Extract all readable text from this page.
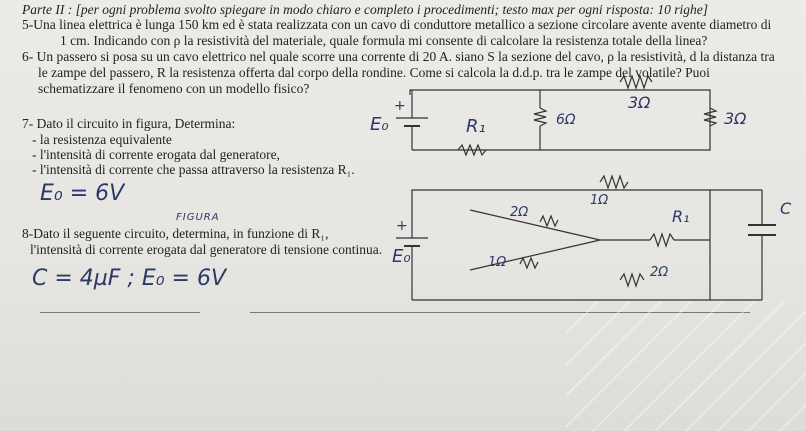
Parte II : [per ogni problema svolto spiegare in modo chiaro e completo i procedimenti; testo max per ogni risposta: 10 righe]
5-Una linea elettrica è lunga 150 km ed è stata realizzata con un cavo di conduttore metallico a sezione circolare avente avente diametro di
1 cm. Indicando con ρ la resistività del materiale, quale formula mi consente di calcolare la resistenza totale della linea?
6- Un passero si posa su un cavo elettrico nel quale scorre una corrente di 20 A. siano S la sezione del cavo, ρ la resistività, d la distanza tra
le zampe del passero, R la resistenza offerta dal corpo della rondine. Come si calcola la d.d.p. tra le zampe del volatile? Puoi
schematizzare il fenomeno con un modello fisico?
7- Dato il circuito in figura, Determina:
- la resistenza equivalente
- l'intensità di corrente erogata dal generatore,
- l'intensità di corrente che passa attraverso la resistenza R₁.
E₀ = 6V
E₀
+
R₁	6Ω
3Ω
3Ω
8-Dato il seguente circuito, determina, in funzione di R₁,
FIGURA
l'intensità di corrente erogata dal generatore di tensione continua.
C = 4µF ; E₀ = 6V
E₀
+
2Ω
1Ω
R₁	C
1Ω
2Ω
